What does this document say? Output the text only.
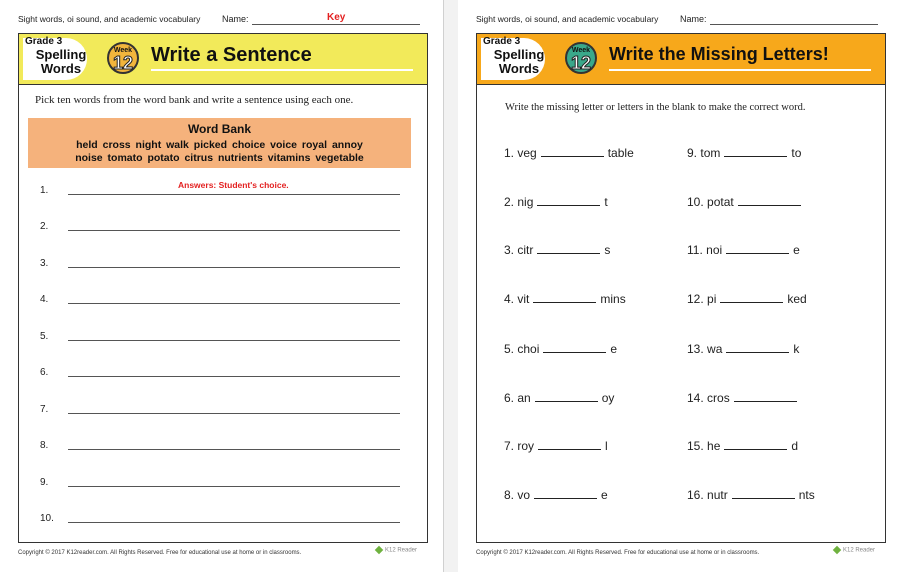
Sight words, oi sound, and academic vocabulary Name:	Key
Grade 3
Spelling
Words
Week
12 Write a Sentence
Pick ten words from the word bank and write a sentence using each one.
Word Bank
held cross night walk picked choice voice royal annoy
noise tomato potato citrus nutrients vitamins vegetable
Answers: Student's choice.
1.
2.
3.
4.
5.
6.
7.
8.
9.
10.
Copyright © 2017 K12reader.com. All Rights Reserved. Free for educational use at home or in classrooms.	K12 Reader
Sight words, oi sound, and academic vocabulary Name:
Grade 3
Spelling
Words
Week
12 Write the Missing Letters!
Write the missing letter or letters in the blank to make the correct word.
1. veg	table
2. nig	t
3. citr	s
4. vit	mins
5. choi	e
6. an	oy
7. roy	l
8. vo	e
9. tom	to
10. potat
11. noi	e
12. pi	ked
13. wa	k
14. cros
15. he	d
16. nutr	nts
Copyright © 2017 K12reader.com. All Rights Reserved. Free for educational use at home or in classrooms.	K12 Reader
